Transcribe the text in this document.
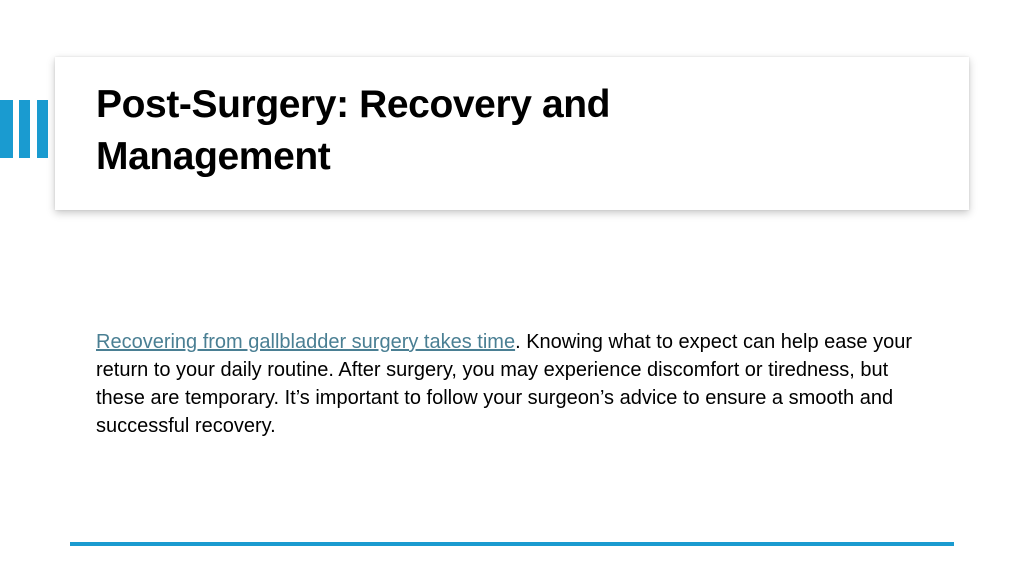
Post-Surgery: Recovery and Management

Recovering from gallbladder surgery takes time. Knowing what to expect can help ease your return to your daily routine. After surgery, you may experience discomfort or tiredness, but these are temporary. It’s important to follow your surgeon’s advice to ensure a smooth and successful recovery.
